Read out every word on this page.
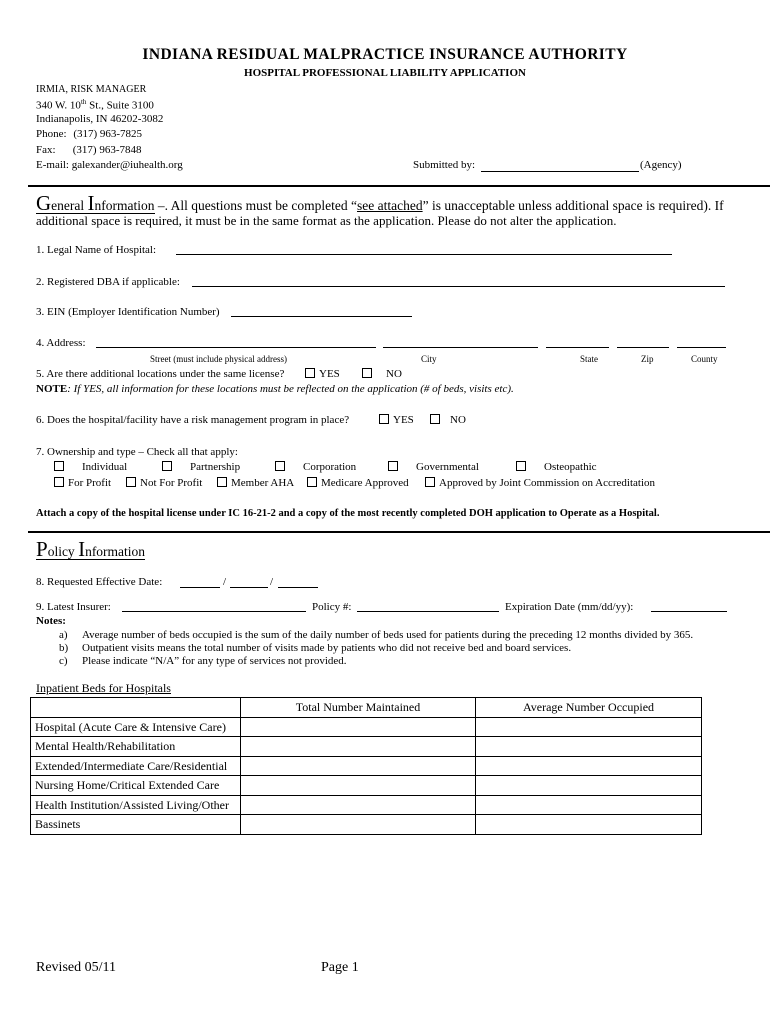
INDIANA RESIDUAL MALPRACTICE INSURANCE AUTHORITY
HOSPITAL PROFESSIONAL LIABILITY APPLICATION
IRMIA, RISK MANAGER
340 W. 10th St., Suite 3100
Indianapolis, IN 46202-3082
Phone: (317) 963-7825
Fax: (317) 963-7848
E-mail: galexander@iuhealth.org	Submitted by:	(Agency)
General Information –. All questions must be completed “see attached” is unacceptable unless additional space is required). If
additional space is required, it must be in the same format as the application. Please do not alter the application.
1. Legal Name of Hospital:
2. Registered DBA if applicable:
3. EIN (Employer Identification Number)
4. Address:
Street (must include physical address)	City	State	Zip	County
5. Are there additional locations under the same license?	YES	NO
NOTE: If YES, all information for these locations must be reflected on the application (# of beds, visits etc).
6. Does the hospital/facility have a risk management program in place?	YES	NO
7. Ownership and type – Check all that apply:
Individual	Partnership	Corporation	Governmental	Osteopathic
For Profit	Not For Profit	Member AHA	Medicare Approved	Approved by Joint Commission on Accreditation
Attach a copy of the hospital license under IC 16-21-2 and a copy of the most recently completed DOH application to Operate as a Hospital.
Policy Information
8. Requested Effective Date:	/	/
9. Latest Insurer:	Policy #:	Expiration Date (mm/dd/yy):
Notes:
a) Average number of beds occupied is the sum of the daily number of beds used for patients during the preceding 12 months divided by 365.
b) Outpatient visits means the total number of visits made by patients who did not receive bed and board services.
c) Please indicate “N/A” for any type of services not provided.
Inpatient Beds for Hospitals
	Total Number Maintained	Average Number Occupied
Hospital (Acute Care & Intensive Care)		
Mental Health/Rehabilitation		
Extended/Intermediate Care/Residential		
Nursing Home/Critical Extended Care		
Health Institution/Assisted Living/Other		
Bassinets		
Revised 05/11	Page 1
